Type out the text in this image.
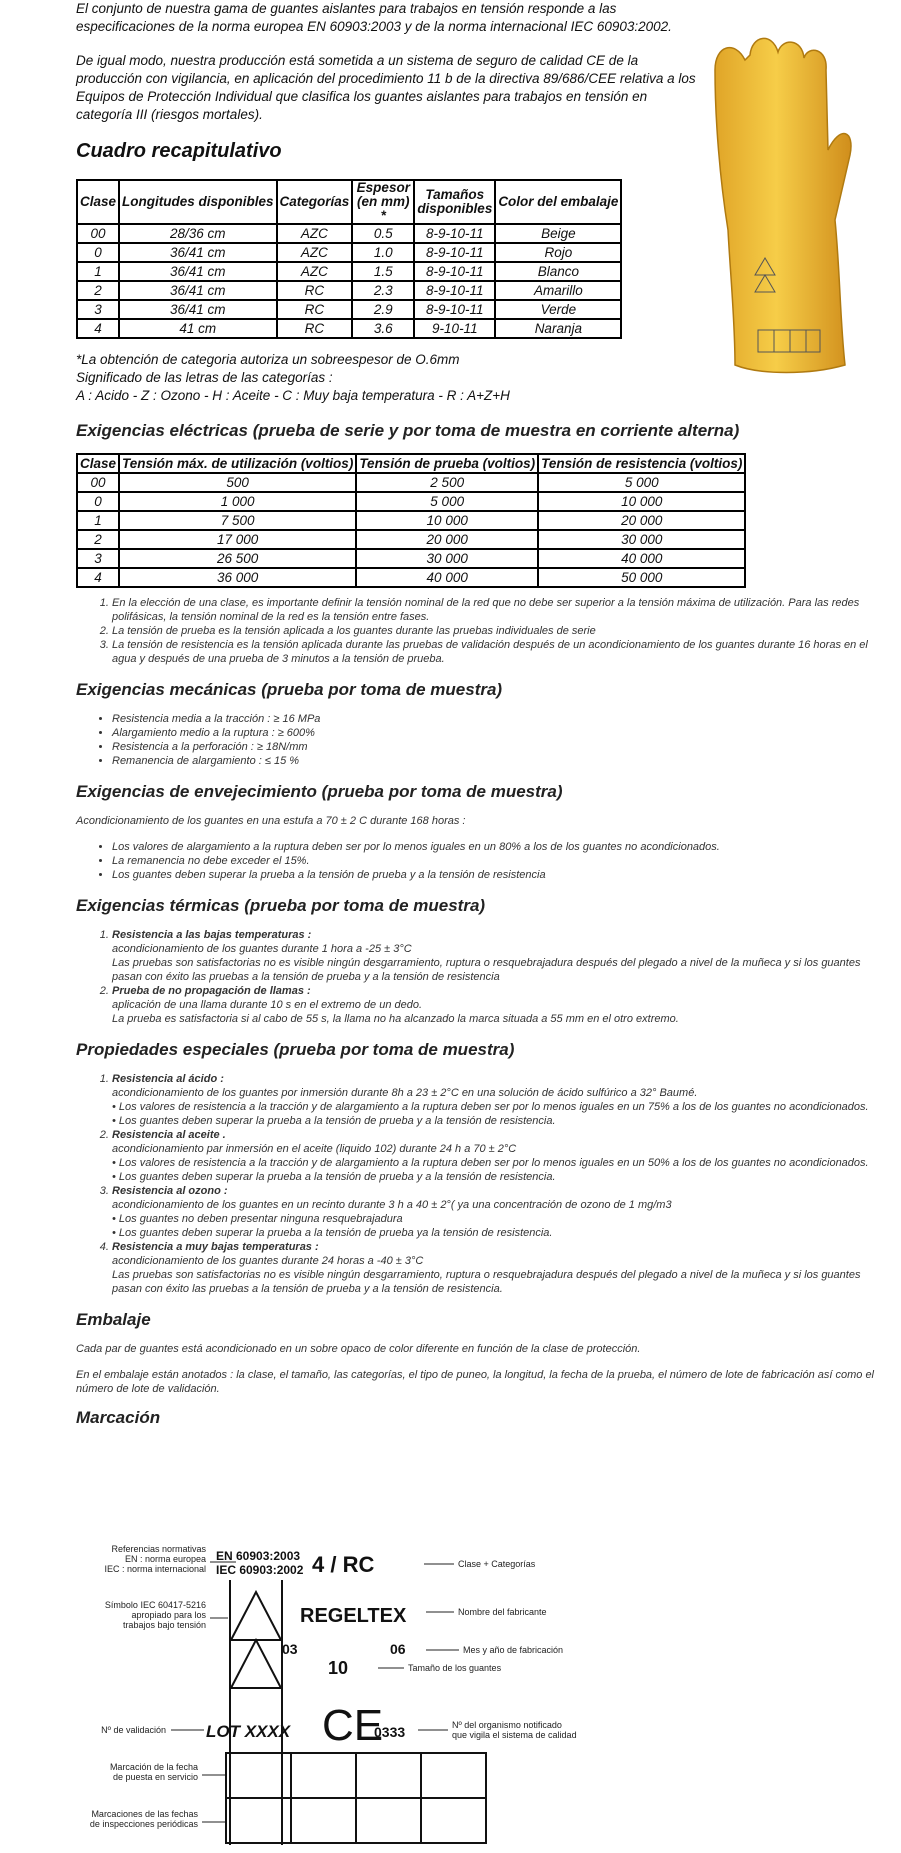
El conjunto de nuestra gama de guantes aislantes para trabajos en tensión responde a las especificaciones de la norma europea EN 60903:2003 y de la norma internacional IEC 60903:2002.

De igual modo, nuestra producción está sometida a un sistema de seguro de calidad CE de la producción con vigilancia, en aplicación del procedimiento 11 b de la directiva 89/686/CEE relativa a los Equipos de Protección Individual que clasifica los guantes aislantes para trabajos en tensión en categoría III (riesgos mortales).

Cuadro recapitulativo
Clase	Longitudes disponibles	Categorías	Espesor (en mm) *	Tamaños disponibles	Color del embalaje
00	28/36 cm	AZC	0.5	8-9-10-11	Beige
0	36/41 cm	AZC	1.0	8-9-10-11	Rojo
1	36/41 cm	AZC	1.5	8-9-10-11	Blanco
2	36/41 cm	RC	2.3	8-9-10-11	Amarillo
3	36/41 cm	RC	2.9	8-9-10-11	Verde
4	41 cm	RC	3.6	9-10-11	Naranja
*La obtención de categoria autoriza un sobreespesor de O.6mm
Significado de las letras de las categorías :
A : Acido - Z : Ozono - H : Aceite - C : Muy baja temperatura - R : A+Z+H
Exigencias eléctricas (prueba de serie y por toma de muestra en corriente alterna)
Clase	Tensión máx. de utilización (voltios)	Tensión de prueba (voltios)	Tensión de resistencia (voltios)
00	500	2 500	5 000
0	1 000	5 000	10 000
1	7 500	10 000	20 000
2	17 000	20 000	30 000
3	26 500	30 000	40 000
4	36 000	40 000	50 000
1. En la elección de una clase, es importante definir la tensión nominal de la red que no debe ser superior a la tensión máxima de utilización. Para las redes polifásicas, la tensión nominal de la red es la tensión entre fases.
2. La tensión de prueba es la tensión aplicada a los guantes durante las pruebas individuales de serie
3. La tensión de resistencia es la tensión aplicada durante las pruebas de validación después de un acondicionamiento de los guantes durante 16 horas en el agua y después de una prueba de 3 minutos a la tensión de prueba.
Exigencias mecánicas (prueba por toma de muestra)
• Resistencia media a la tracción : ≥ 16 MPa
• Alargamiento medio a la ruptura : ≥ 600%
• Resistencia a la perforación : ≥ 18N/mm
• Remanencia de alargamiento : ≤ 15 %
Exigencias de envejecimiento (prueba por toma de muestra)

Acondicionamiento de los guantes en una estufa a 70 ± 2 C durante 168 horas :

• Los valores de alargamiento a la ruptura deben ser por lo menos iguales en un 80% a los de los guantes no acondicionados.
• La remanencia no debe exceder el 15%.
• Los guantes deben superar la prueba a la tensión de prueba y a la tensión de resistencia
Exigencias térmicas (prueba por toma de muestra)
1. Resistencia a las bajas temperaturas :
acondicionamiento de los guantes durante 1 hora a -25 ± 3°C
Las pruebas son satisfactorias no es visible ningún desgarramiento, ruptura o resquebrajadura después del plegado a nivel de la muñeca y si los guantes pasan con éxito las pruebas a la tensión de prueba y a la tensión de resistencia
2. Prueba de no propagación de llamas :
aplicación de una llama durante 10 s en el extremo de un dedo.
La prueba es satisfactoria si al cabo de 55 s, la llama no ha alcanzado la marca situada a 55 mm en el otro extremo.
Propiedades especiales (prueba por toma de muestra)
1. Resistencia al ácido :
acondicionamiento de los guantes por inmersión durante 8h a 23 ± 2°C en una solución de ácido sulfúrico a 32° Baumé.
• Los valores de resistencia a la tracción y de alargamiento a la ruptura deben ser por lo menos iguales en un 75% a los de los guantes no acondicionados.
• Los guantes deben superar la prueba a la tensión de prueba y a la tensión de resistencia.
2. Resistencia al aceite .
acondicionamiento par inmersión en el aceite (liquido 102) durante 24 h a 70 ± 2°C
• Los valores de resistencia a la tracción y de alargamiento a la ruptura deben ser por lo menos iguales en un 50% a los de los guantes no acondicionados.
• Los guantes deben superar la prueba a la tensión de prueba y a la tensión de resistencia.
3. Resistencia al ozono :
acondicionamiento de los guantes en un recinto durante 3 h a 40 ± 2°( ya una concentración de ozono de 1 mg/m3
• Los guantes no deben presentar ninguna resquebrajadura
• Los guantes deben superar la prueba a la tensión de prueba ya la tensión de resistencia.
4. Resistencia a muy bajas temperaturas :
acondicionamiento de los guantes durante 24 horas a -40 ± 3°C
Las pruebas son satisfactorias no es visible ningún desgarramiento, ruptura o resquebrajadura después del plegado a nivel de la muñeca y si los guantes pasan con éxito las pruebas a la tensión de prueba y a la tensión de resistencia.
Embalaje

Cada par de guantes está acondicionado en un sobre opaco de color diferente en función de la clase de protección.

En el embalaje están anotados : la clase, el tamaño, las categorías, el tipo de puneo, la longitud, la fecha de la prueba, el número de lote de fabricación así como el número de lote de validación.

Marcación
Referencias normativas
EN : norma europea
IEC : norma internacional
Símbolo IEC 60417-5216
apropiado para los
trabajos bajo tensión
Nº de validación
Marcación de la fecha
de puesta en servicio
Marcaciones de las fechas
de inspecciones periódicas
EN 60903:2003
IEC 60903:2002 4 / RC
REGELTEX
03	06
10
LOT XXXX CE
0333
Clase + Categorías
Nombre del fabricante
Mes y año de fabricación
Tamaño de los guantes
Nº del organismo notificado
que vigila el sistema de calidad
